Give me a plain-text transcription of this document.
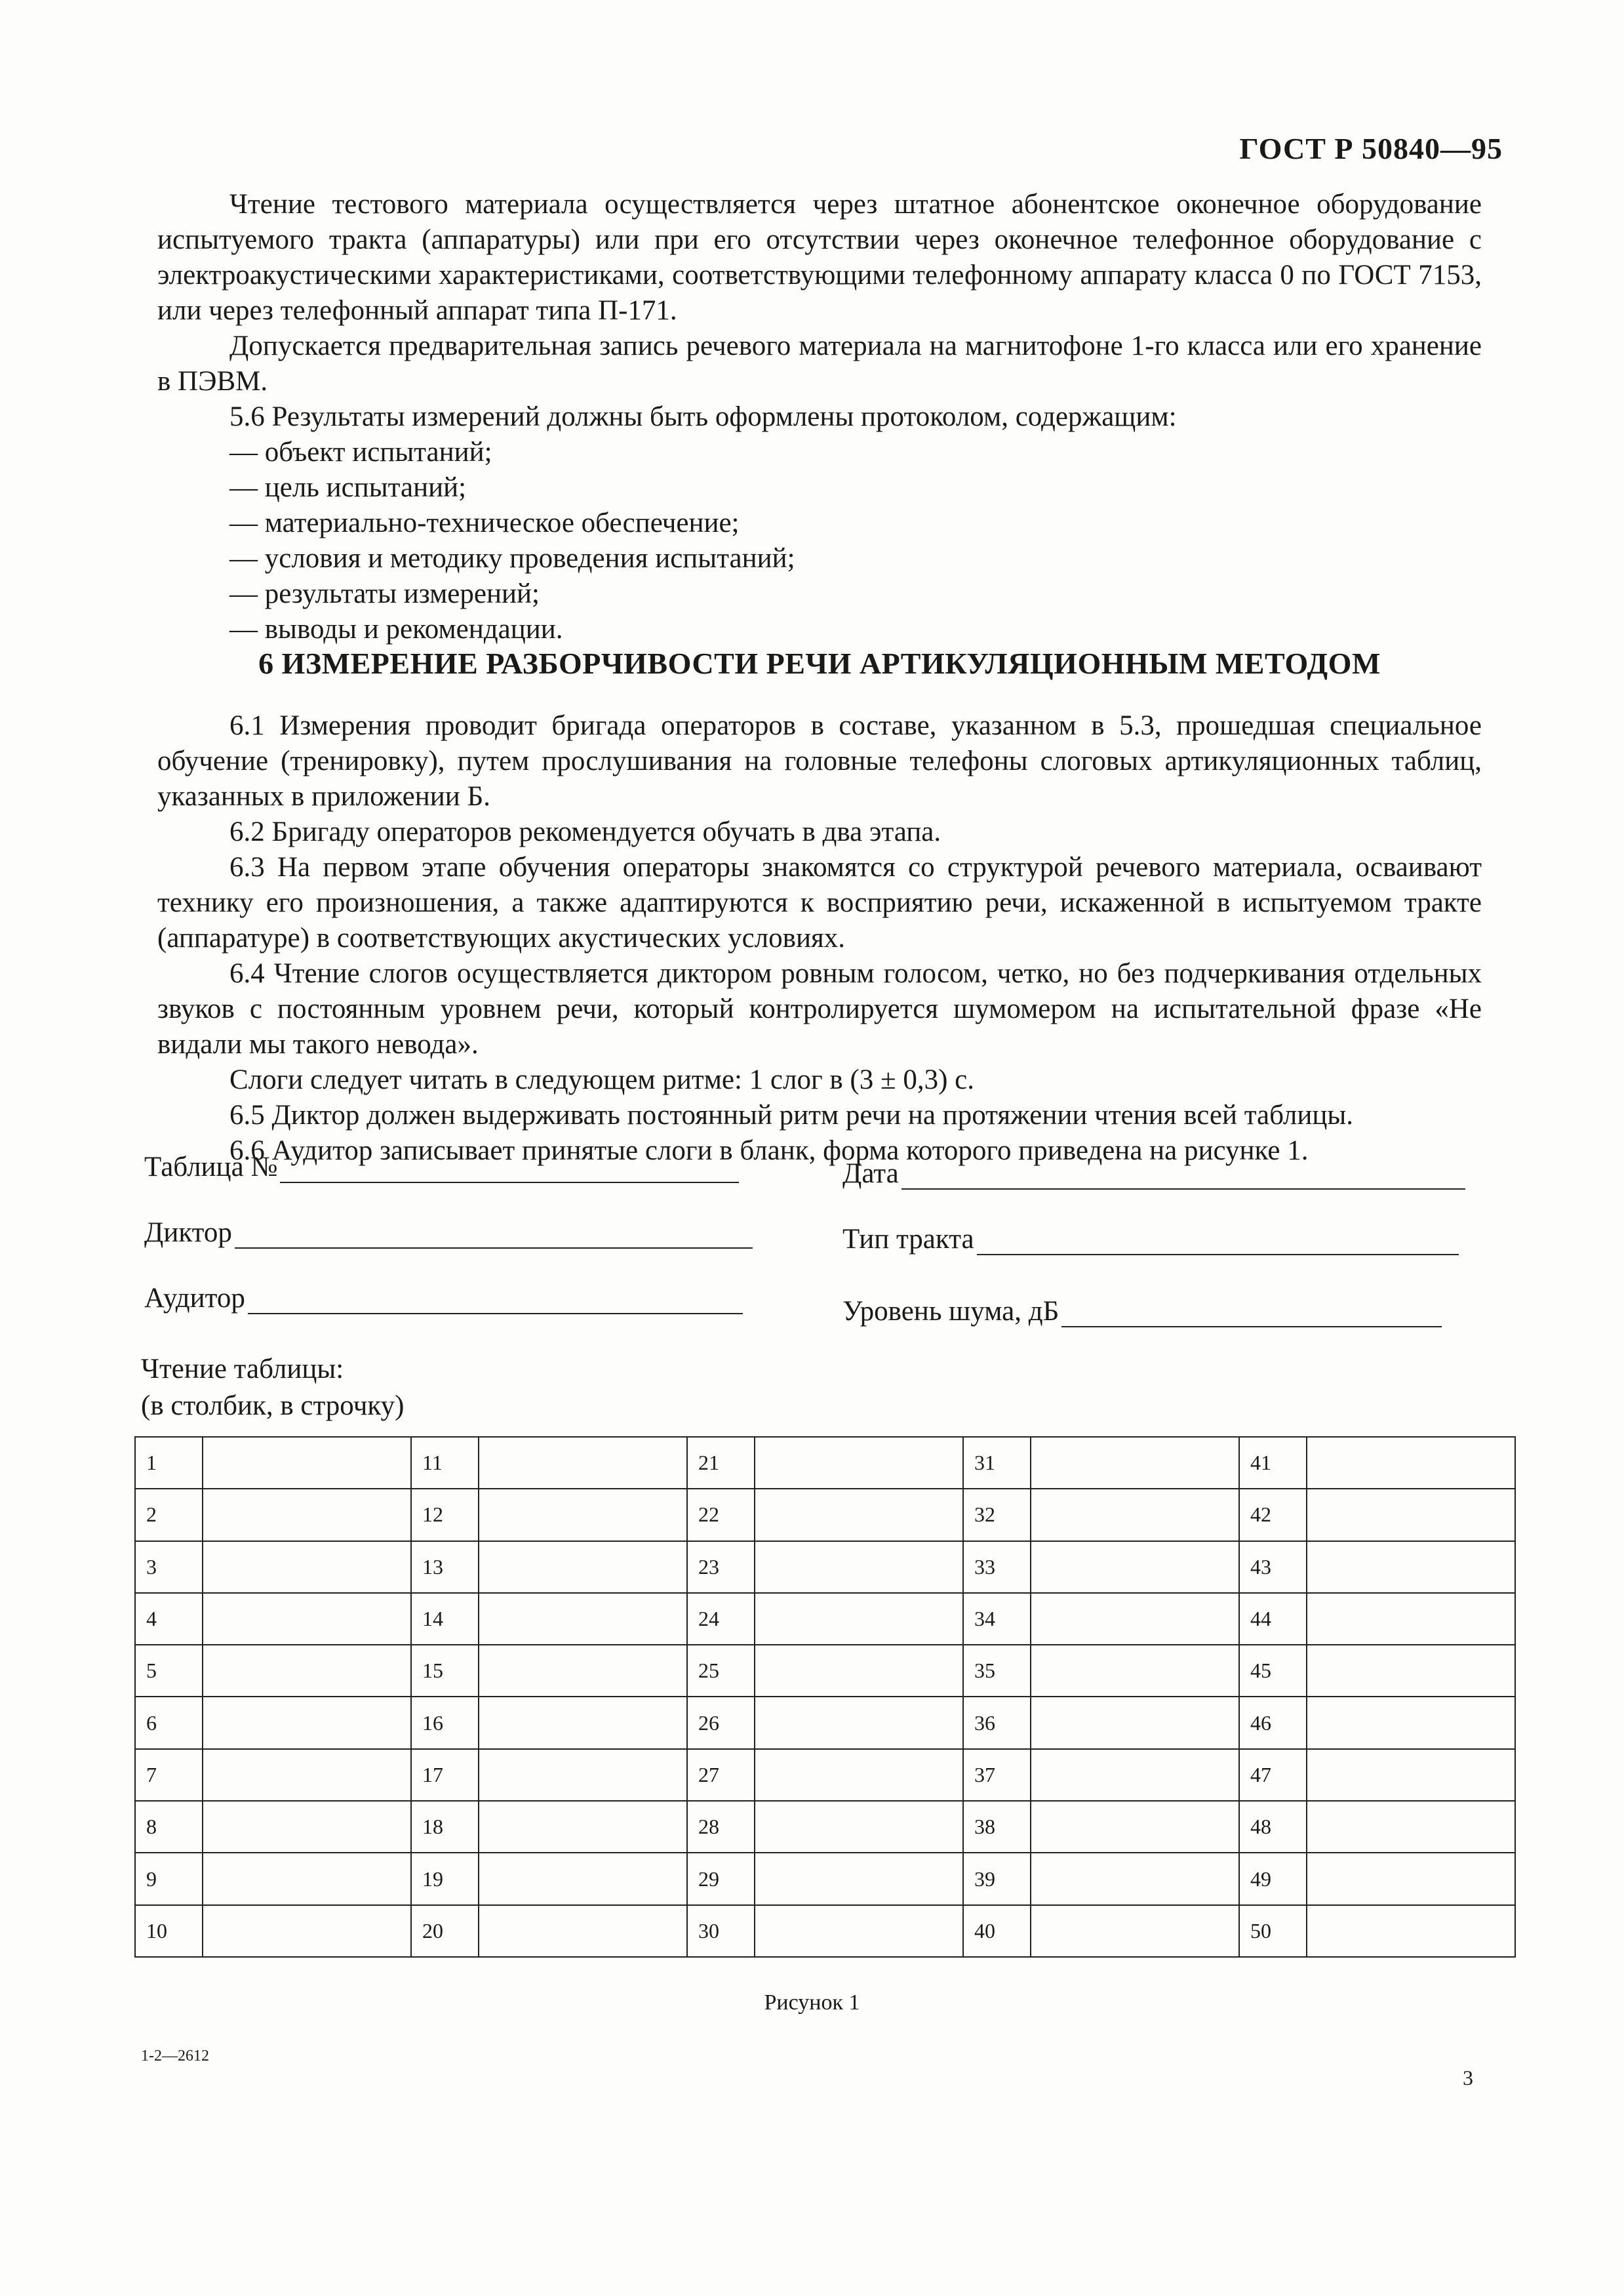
ГОСТ Р 50840—95

Чтение тестового материала осуществляется через штатное абонентское оконечное оборудование испытуемого тракта (аппаратуры) или при его отсутствии через оконечное телефонное оборудование с электроакустическими характеристиками, соответствующими телефонному аппарату класса 0 по ГОСТ 7153, или через телефонный аппарат типа П-171.

Допускается предварительная запись речевого материала на магнитофоне 1-го класса или его хранение в ПЭВМ.

5.6 Результаты измерений должны быть оформлены протоколом, содержащим:

— объект испытаний;
— цель испытаний;
— материально-техническое обеспечение;
— условия и методику проведения испытаний;
— результаты измерений;
— выводы и рекомендации.
6 ИЗМЕРЕНИЕ РАЗБОРЧИВОСТИ РЕЧИ АРТИКУЛЯЦИОННЫМ МЕТОДОМ

6.1 Измерения проводит бригада операторов в составе, указанном в 5.3, прошедшая специальное обучение (тренировку), путем прослушивания на головные телефоны слоговых артикуляционных таблиц, указанных в приложении Б.

6.2 Бригаду операторов рекомендуется обучать в два этапа.

6.3 На первом этапе обучения операторы знакомятся со структурой речевого материала, осваивают технику его произношения, а также адаптируются к восприятию речи, искаженной в испытуемом тракте (аппаратуре) в соответствующих акустических условиях.

6.4 Чтение слогов осуществляется диктором ровным голосом, четко, но без подчеркивания отдельных звуков с постоянным уровнем речи, который контролируется шумомером на испытательной фразе «Не видали мы такого невода».

Слоги следует читать в следующем ритме: 1 слог в (3 ± 0,3) с.

6.5 Диктор должен выдерживать постоянный ритм речи на протяжении чтения всей таблицы.

6.6 Аудитор записывает принятые слоги в бланк, форма которого приведена на рисунке 1.

Таблица №	Дата
Диктор	Тип тракта
Аудитор	Уровень шума, дБ
Чтение таблицы:
(в столбик, в строчку)
1		11		21		31		41	
2		12		22		32		42	
3		13		23		33		43	
4		14		24		34		44	
5		15		25		35		45	
6		16		26		36		46	
7		17		27		37		47	
8		18		28		38		48	
9		19		29		39		49	
10		20		30		40		50	
Рисунок 1
1-2—2612
3
